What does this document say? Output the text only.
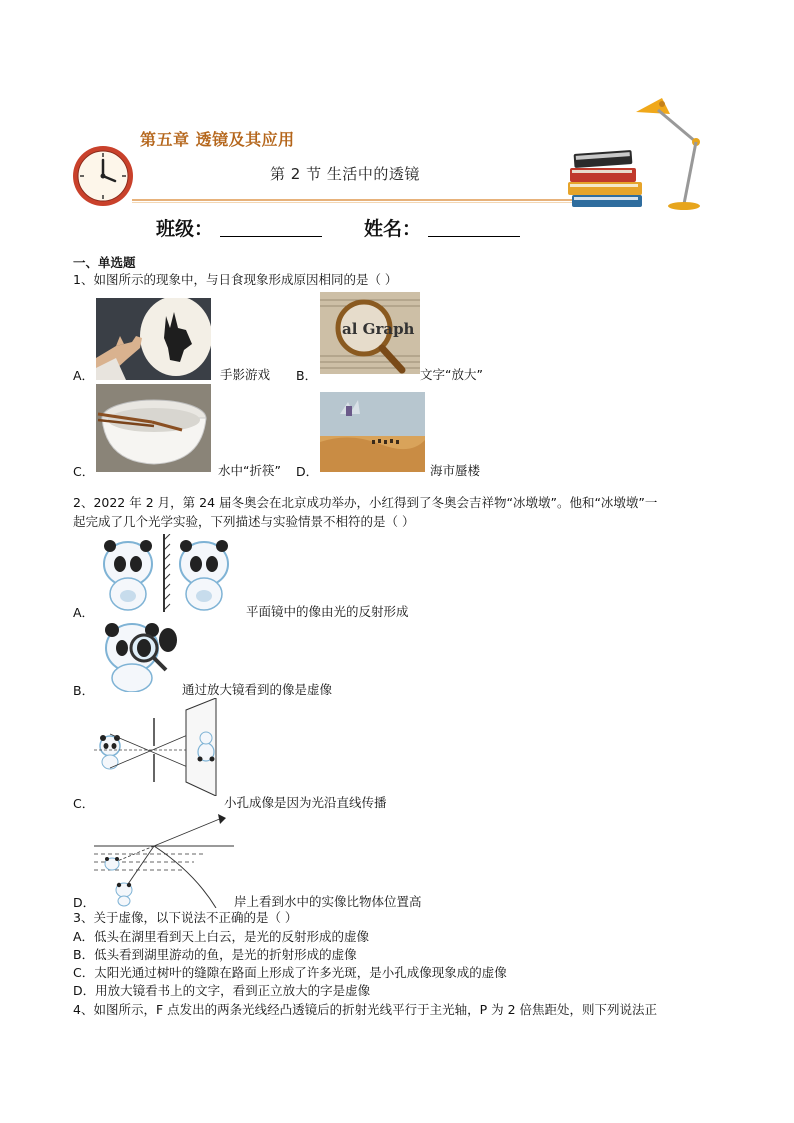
第五章 透镜及其应用
第 2 节 生活中的透镜
班级：	姓名：
一、单选题
1、如图所示的现象中，与日食现象形成原因相同的是（ ）
A．	手影游戏
al Graph
B．	文字“放大”
C．	水中“折筷” D．	海市蜃楼
2、2022 年 2 月，第 24 届冬奥会在北京成功举办，小红得到了冬奥会吉祥物“冰墩墩”。他和“冰墩墩”一
起完成了几个光学实验，下列描述与实验情景不相符的是（ ）
A．	平面镜中的像由光的反射形成
B．	通过放大镜看到的像是虚像
C．	小孔成像是因为光沿直线传播
D．	岸上看到水中的实像比物体位置高
3、关于虚像，以下说法不正确的是（ ）
A．低头在湖里看到天上白云，是光的反射形成的虚像
B．低头看到湖里游动的鱼，是光的折射形成的虚像
C．太阳光通过树叶的缝隙在路面上形成了许多光斑，是小孔成像现象成的虚像
D．用放大镜看书上的文字，看到正立放大的字是虚像
4、如图所示，F 点发出的两条光线经凸透镜后的折射光线平行于主光轴，P 为 2 倍焦距处，则下列说法正
